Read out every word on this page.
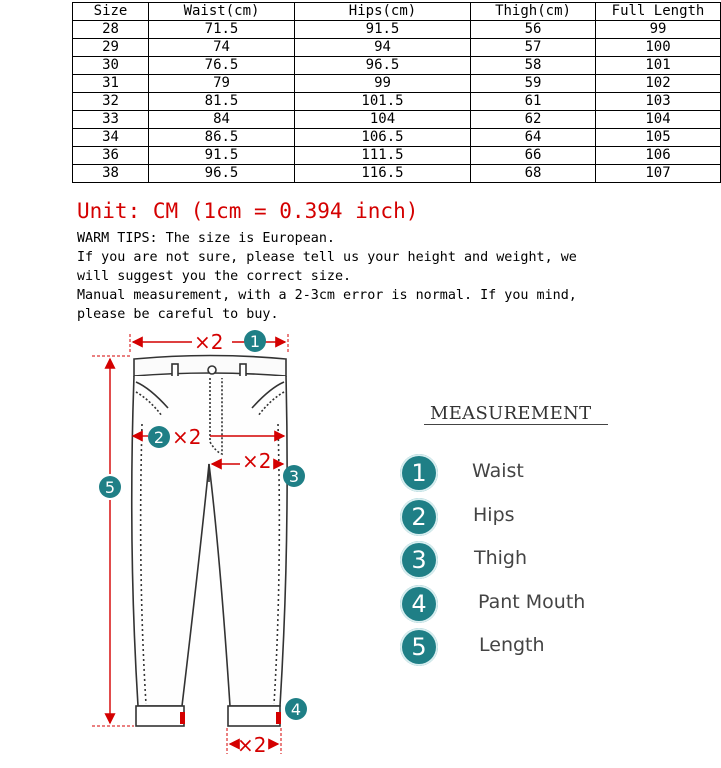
Size	Waist(cm)	Hips(cm)	Thigh(cm)	Full Length
28	71.5	91.5	56	99
29	74	94	57	100
30	76.5	96.5	58	101
31	79	99	59	102
32	81.5	101.5	61	103
33	84	104	62	104
34	86.5	106.5	64	105
36	91.5	111.5	66	106
38	96.5	116.5	68	107
Unit: CM (1cm = 0.394 inch)
WARM TIPS: The size is European.
If you are not sure, please tell us your height and weight, we
will suggest you the correct size.
Manual measurement, with a 2-3cm error is normal. If you mind,
please be careful to buy.
×2 1
2 ×2
×2
3
5
×2
4
MEASUREMENT
1	Waist
2	Hips
3	Thigh
4	Pant Mouth
5	Length
